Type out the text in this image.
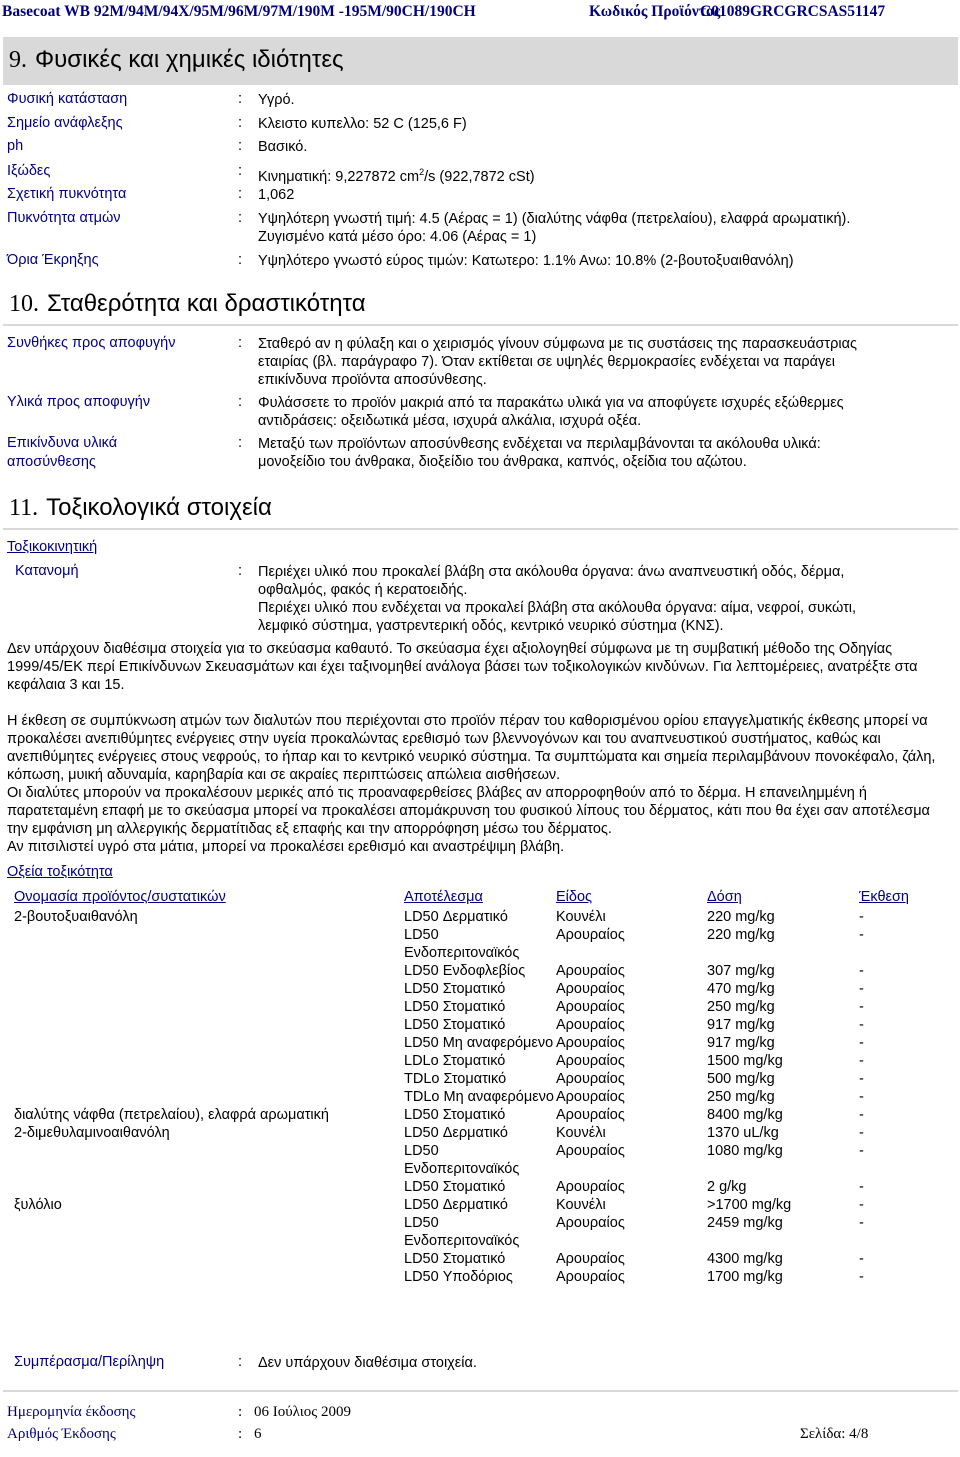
Basecoat WB 92M/94M/94X/95M/96M/97M/190M -195M/90CH/190CH	Κωδικός Προϊόντος
C01089GRCGRCSAS51147
9. Φυσικές και χημικές ιδιότητες
Φυσική κατάσταση	: Υγρό.
Σημείο ανάφλεξης	: Κλειστο κυπελλο: 52 C (125,6 F)
ph	: Βασικό.
Ιξώδες	: Κινηματική: 9,227872 $cm^2/s$ (922,7872 cSt)
Σχετική πυκνότητα	: 1,062
Πυκνότητα ατμών	: Υψηλότερη γνωστή τιμή: 4.5 (Αέρας = 1) (διαλύτης νάφθα (πετρελαίου), ελαφρά αρωματική).
Ζυγισμένο κατά μέσο όρο: 4.06 (Αέρας = 1)
Όρια Έκρηξης	: Υψηλότερο γνωστό εύρος τιμών: Κατωτερο: 1.1% Ανω: 10.8% (2-βουτοξυαιθανόλη)
10. Σταθερότητα και δραστικότητα
Συνθήκες προς αποφυγήν	: Σταθερό αν η φύλαξη και ο χειρισμός γίνουν σύμφωνα με τις συστάσεις της παρασκευάστριας
εταιρίας (βλ. παράγραφο 7). Όταν εκτίθεται σε υψηλές θερμοκρασίες ενδέχεται να παράγει
επικίνδυνα προϊόντα αποσύνθεσης.
Υλικά προς αποφυγήν	: Φυλάσσετε το προϊόν μακριά από τα παρακάτω υλικά για να αποφύγετε ισχυρές εξώθερμες
αντιδράσεις: οξειδωτικά μέσα, ισχυρά αλκάλια, ισχυρά οξέα.
Επικίνδυνα υλικά
αποσύνθεσης
: Μεταξύ των προϊόντων αποσύνθεσης ενδέχεται να περιλαμβάνονται τα ακόλουθα υλικά:
μονοξείδιο του άνθρακα, διοξείδιο του άνθρακα, καπνός, οξείδια του αζώτου.
11. Τοξικολογικά στοιχεία
Τοξικοκινητική
Κατανομή	: Περιέχει υλικό που προκαλεί βλάβη στα ακόλουθα όργανα: άνω αναπνευστική οδός, δέρμα,
οφθαλμός, φακός ή κερατοειδής.
Περιέχει υλικό που ενδέχεται να προκαλεί βλάβη στα ακόλουθα όργανα: αίμα, νεφροί, συκώτι,
λεμφικό σύστημα, γαστρεντερική οδός, κεντρικό νευρικό σύστημα (ΚΝΣ).
Δεν υπάρχουν διαθέσιμα στοιχεία για το σκεύασμα καθαυτό. Το σκεύασμα έχει αξιολογηθεί σύμφωνα με τη συμβατική μέθοδο της Οδηγίας 1999/45/ΕΚ περί Επικίνδυνων Σκευασμάτων και έχει ταξινομηθεί ανάλογα βάσει των τοξικολογικών κινδύνων. Για λεπτομέρειες, ανατρέξτε στα κεφάλαια 3 και 15.
Η έκθεση σε συμπύκνωση ατμών των διαλυτών που περιέχονται στο προϊόν πέραν του καθορισμένου ορίου επαγγελματικής έκθεσης μπορεί να προκαλέσει ανεπιθύμητες ενέργειες στην υγεία προκαλώντας ερεθισμό των βλεννογόνων και του αναπνευστικού συστήματος, καθώς και ανεπιθύμητες ενέργειες στους νεφρούς, το ήπαρ και το κεντρικό νευρικό σύστημα. Τα συμπτώματα και σημεία περιλαμβάνουν πονοκέφαλο, ζάλη, κόπωση, μυική αδυναμία, καρηβαρία και σε ακραίες περιπτώσεις απώλεια αισθήσεων.
Οι διαλύτες μπορούν να προκαλέσουν μερικές από τις προαναφερθείσες βλάβες αν απορροφηθούν από το δέρμα. Η επανειλημμένη ή παρατεταμένη επαφή με το σκεύασμα μπορεί να προκαλέσει απομάκρυνση του φυσικού λίπους του δέρματος, κάτι που θα έχει σαν αποτέλεσμα την εμφάνιση μη αλλεργικής δερματίτιδας εξ επαφής και την απορρόφηση μέσω του δέρματος.
Αν πιτσιλιστεί υγρό στα μάτια, μπορεί να προκαλέσει ερεθισμό και αναστρέψιμη βλάβη.
Οξεία τοξικότητα
Ονομασία προϊόντος/συστατικών	Αποτέλεσμα	Είδος	Δόση	Έκθεση

2-βουτοξυαιθανόλη	LD50 Δερματικό	Κουνέλι	220 mg/kg	-
	LD50 Ενδοπεριτοναϊκός	Αρουραίος	220 mg/kg	-
	LD50 Ενδοφλεβίος	Αρουραίος	307 mg/kg	-
	LD50 Στοματικό	Αρουραίος	470 mg/kg	-
	LD50 Στοματικό	Αρουραίος	250 mg/kg	-
	LD50 Στοματικό	Αρουραίος	917 mg/kg	-
	LD50 Μη αναφερόμενο	Αρουραίος	917 mg/kg	-
	LDLo Στοματικό	Αρουραίος	1500 mg/kg	-
	TDLo Στοματικό	Αρουραίος	500 mg/kg	-
	TDLo Μη αναφερόμενο	Αρουραίος	250 mg/kg	-
διαλύτης νάφθα (πετρελαίου), ελαφρά αρωματική	LD50 Στοματικό	Αρουραίος	8400 mg/kg	-
2-διμεθυλαμινοαιθανόλη	LD50 Δερματικό	Κουνέλι	1370 uL/kg	-
	LD50 Ενδοπεριτοναϊκός	Αρουραίος	1080 mg/kg	-
	LD50 Στοματικό	Αρουραίος	2 g/kg	-
ξυλόλιο	LD50 Δερματικό	Κουνέλι	>1700 mg/kg	-
	LD50 Ενδοπεριτοναϊκός	Αρουραίος	2459 mg/kg	-
	LD50 Στοματικό	Αρουραίος	4300 mg/kg	-
	LD50 Υποδόριος	Αρουραίος	1700 mg/kg	-
Συμπέρασμα/Περίληψη	: Δεν υπάρχουν διαθέσιμα στοιχεία.
Ημερομηνία έκδοσης	: 06 Ιούλιος 2009
Αριθμός Έκδοσης	: 6	Σελίδα: 4/8
